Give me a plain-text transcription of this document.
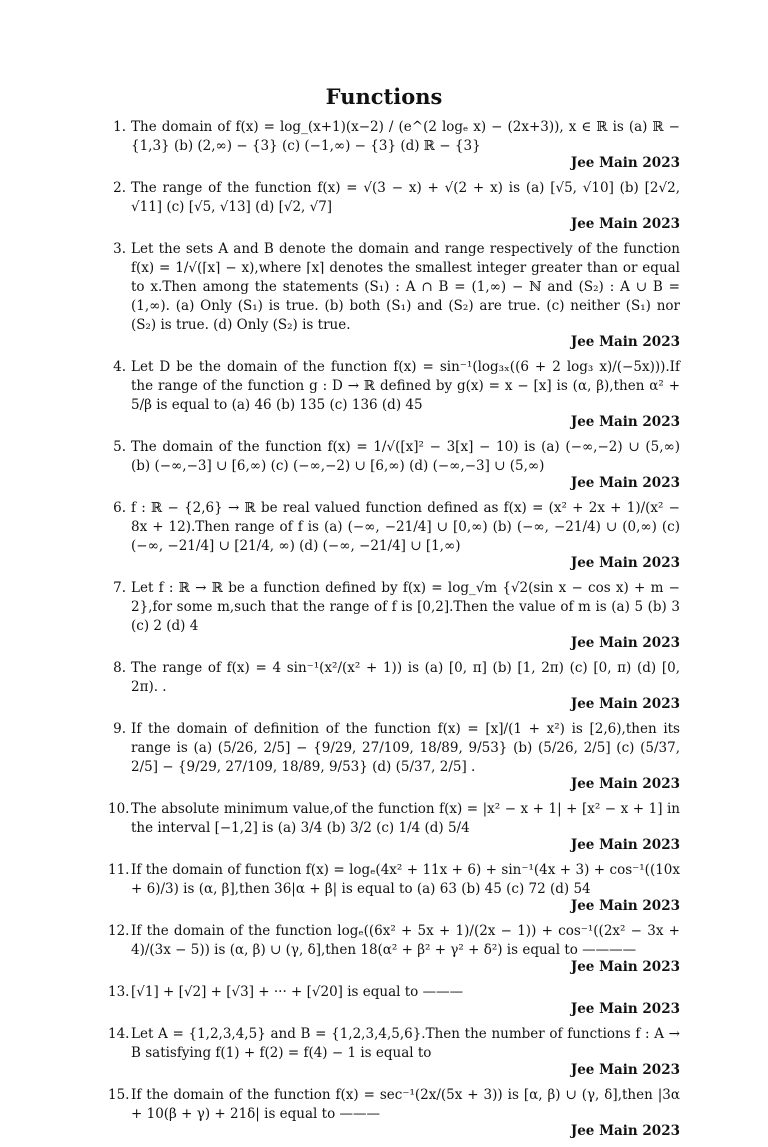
Functions
1. The domain of f(x) = log_(x+1)(x−2) / (e^(2 logₑ x) − (2x+3)), x ∈ ℝ is (a) ℝ − {1,3} (b) (2,∞) − {3} (c) (−1,∞) − {3} (d) ℝ − {3}
Jee Main 2023
2. The range of the function f(x) = √(3 − x) + √(2 + x) is (a) [√5, √10] (b) [2√2, √11] (c) [√5, √13] (d) [√2, √7]
Jee Main 2023
3. Let the sets A and B denote the domain and range respectively of the function f(x) = 1/√(⌈x⌉ − x),where ⌈x⌉ denotes the smallest integer greater than or equal to x.Then among the statements (S₁) : A ∩ B = (1,∞) − ℕ and (S₂) : A ∪ B = (1,∞). (a) Only (S₁) is true. (b) both (S₁) and (S₂) are true. (c) neither (S₁) nor (S₂) is true. (d) Only (S₂) is true.
Jee Main 2023
4. Let D be the domain of the function f(x) = sin⁻¹(log₃ₓ((6 + 2 log₃ x)/(−5x))).If the range of the function g : D → ℝ defined by g(x) = x − [x] is (α, β),then α² + 5/β is equal to (a) 46 (b) 135 (c) 136 (d) 45
Jee Main 2023
5. The domain of the function f(x) = 1/√([x]² − 3[x] − 10) is (a) (−∞,−2) ∪ (5,∞) (b) (−∞,−3] ∪ [6,∞) (c) (−∞,−2) ∪ [6,∞) (d) (−∞,−3] ∪ (5,∞)
Jee Main 2023
6. f : ℝ − {2,6} → ℝ be real valued function defined as f(x) = (x² + 2x + 1)/(x² − 8x + 12).Then range of f is (a) (−∞, −21/4] ∪ [0,∞) (b) (−∞, −21/4) ∪ (0,∞) (c) (−∞, −21/4] ∪ [21/4, ∞) (d) (−∞, −21/4] ∪ [1,∞)
Jee Main 2023
7. Let f : ℝ → ℝ be a function defined by f(x) = log_√m {√2(sin x − cos x) + m − 2},for some m,such that the range of f is [0,2].Then the value of m is (a) 5 (b) 3 (c) 2 (d) 4
Jee Main 2023
8. The range of f(x) = 4 sin⁻¹(x²/(x² + 1)) is (a) [0, π] (b) [1, 2π) (c) [0, π) (d) [0, 2π). .
Jee Main 2023
9. If the domain of definition of the function f(x) = [x]/(1 + x²) is [2,6),then its range is (a) (5/26, 2/5] − {9/29, 27/109, 18/89, 9/53} (b) (5/26, 2/5] (c) (5/37, 2/5] − {9/29, 27/109, 18/89, 9/53} (d) (5/37, 2/5] .
Jee Main 2023
10. The absolute minimum value,of the function f(x) = |x² − x + 1| + [x² − x + 1] in the interval [−1,2] is (a) 3/4 (b) 3/2 (c) 1/4 (d) 5/4
Jee Main 2023
11. If the domain of function f(x) = logₑ(4x² + 11x + 6) + sin⁻¹(4x + 3) + cos⁻¹((10x + 6)/3) is (α, β],then 36|α + β| is equal to (a) 63 (b) 45 (c) 72 (d) 54
Jee Main 2023
12. If the domain of the function logₑ((6x² + 5x + 1)/(2x − 1)) + cos⁻¹((2x² − 3x + 4)/(3x − 5)) is (α, β) ∪ (γ, δ],then 18(α² + β² + γ² + δ²) is equal to ————
Jee Main 2023
13. [√1] + [√2] + [√3] + ··· + [√20] is equal to ———
Jee Main 2023
14. Let A = {1,2,3,4,5} and B = {1,2,3,4,5,6}.Then the number of functions f : A → B satisfying f(1) + f(2) = f(4) − 1 is equal to
Jee Main 2023
15. If the domain of the function f(x) = sec⁻¹(2x/(5x + 3)) is [α, β) ∪ (γ, δ],then |3α + 10(β + γ) + 21δ| is equal to ———
Jee Main 2023
